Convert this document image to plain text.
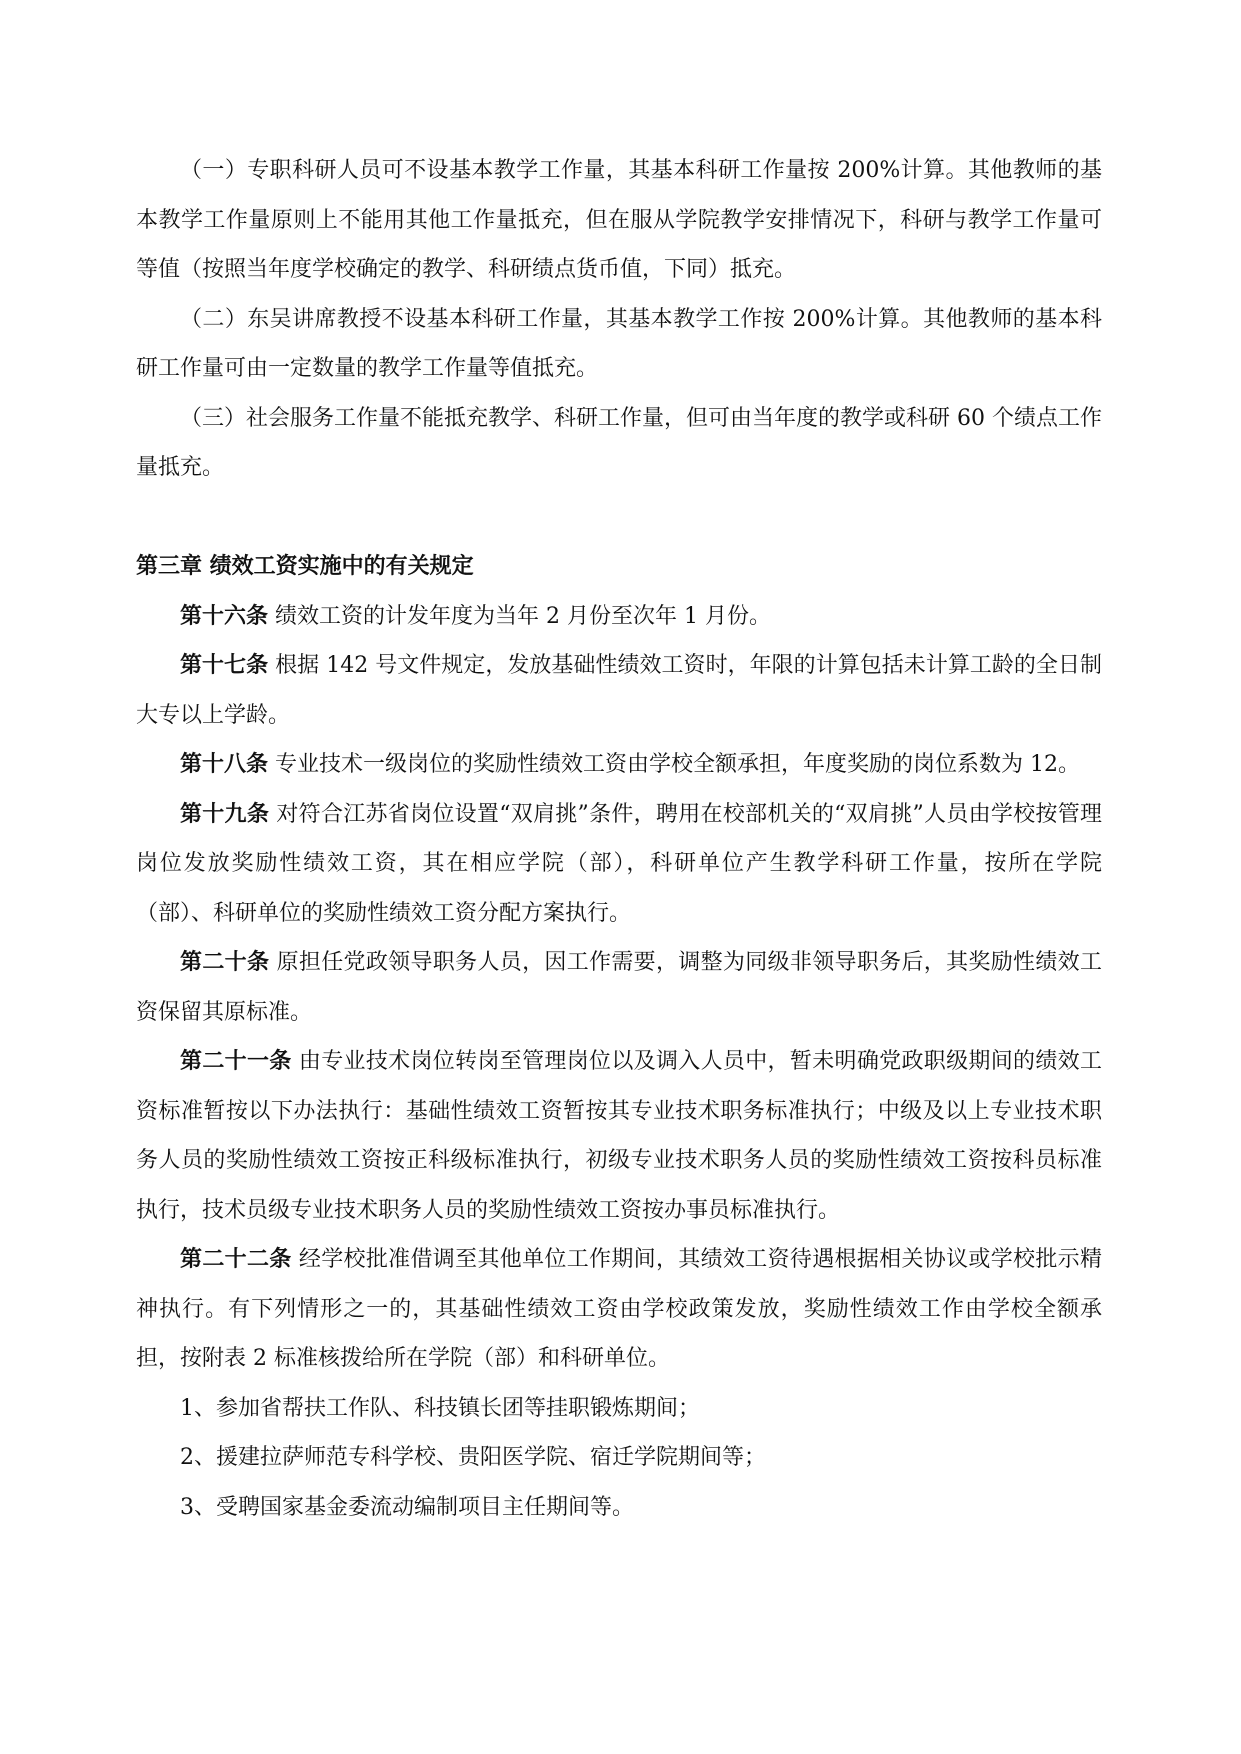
（一）专职科研人员可不设基本教学工作量，其基本科研工作量按 200%计算。其他教师的基本教学工作量原则上不能用其他工作量抵充，但在服从学院教学安排情况下，科研与教学工作量可等值（按照当年度学校确定的教学、科研绩点货币值，下同）抵充。

（二）东吴讲席教授不设基本科研工作量，其基本教学工作按 200%计算。其他教师的基本科研工作量可由一定数量的教学工作量等值抵充。

（三）社会服务工作量不能抵充教学、科研工作量，但可由当年度的教学或科研 60 个绩点工作量抵充。

第三章 绩效工资实施中的有关规定

第十六条 绩效工资的计发年度为当年 2 月份至次年 1 月份。

第十七条 根据 142 号文件规定，发放基础性绩效工资时，年限的计算包括未计算工龄的全日制大专以上学龄。

第十八条 专业技术一级岗位的奖励性绩效工资由学校全额承担，年度奖励的岗位系数为 12。

第十九条 对符合江苏省岗位设置“双肩挑”条件，聘用在校部机关的“双肩挑”人员由学校按管理岗位发放奖励性绩效工资，其在相应学院（部），科研单位产生教学科研工作量，按所在学院（部）、科研单位的奖励性绩效工资分配方案执行。

第二十条 原担任党政领导职务人员，因工作需要，调整为同级非领导职务后，其奖励性绩效工资保留其原标准。

第二十一条 由专业技术岗位转岗至管理岗位以及调入人员中，暂未明确党政职级期间的绩效工资标准暂按以下办法执行：基础性绩效工资暂按其专业技术职务标准执行；中级及以上专业技术职务人员的奖励性绩效工资按正科级标准执行，初级专业技术职务人员的奖励性绩效工资按科员标准执行，技术员级专业技术职务人员的奖励性绩效工资按办事员标准执行。

第二十二条 经学校批准借调至其他单位工作期间，其绩效工资待遇根据相关协议或学校批示精神执行。有下列情形之一的，其基础性绩效工资由学校政策发放，奖励性绩效工作由学校全额承担，按附表 2 标准核拨给所在学院（部）和科研单位。

1、参加省帮扶工作队、科技镇长团等挂职锻炼期间；

2、援建拉萨师范专科学校、贵阳医学院、宿迁学院期间等；

3、受聘国家基金委流动编制项目主任期间等。
